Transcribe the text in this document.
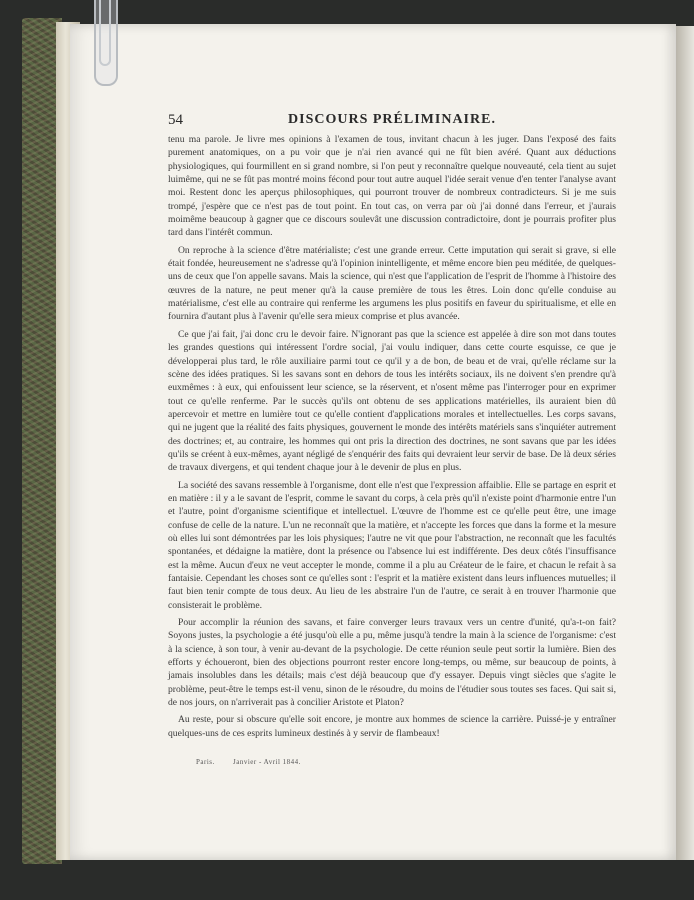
54	DISCOURS PRÉLIMINAIRE.

tenu ma parole. Je livre mes opinions à l'examen de tous, invitant chacun à les juger. Dans l'exposé des faits purement anatomiques, on a pu voir que je n'ai rien avancé qui ne fût bien avéré. Quant aux déductions physiologiques, qui fourmillent en si grand nombre, si l'on peut y reconnaître quelque nouveauté, cela tient au sujet luimême, qui ne se fût pas montré moins fécond pour tout autre auquel l'idée serait venue d'en tenter l'analyse avant moi. Restent donc les aperçus philosophiques, qui pourront trouver de nombreux contradicteurs. Si je me suis trompé, j'espère que ce n'est pas de tout point. En tout cas, on verra par où j'ai donné dans l'erreur, et j'aurais moimême beaucoup à gagner que ce discours soulevât une discussion contradictoire, dont je pourrais profiter plus tard dans l'intérêt commun.

On reproche à la science d'être matérialiste; c'est une grande erreur. Cette imputation qui serait si grave, si elle était fondée, heureusement ne s'adresse qu'à l'opinion inintelligente, et même encore bien peu méditée, de quelques-uns de ceux que l'on appelle savans. Mais la science, qui n'est que l'application de l'esprit de l'homme à l'histoire des œuvres de la nature, ne peut mener qu'à la cause première de tous les êtres. Loin donc qu'elle conduise au matérialisme, c'est elle au contraire qui renferme les argumens les plus positifs en faveur du spiritualisme, et elle en fournira d'autant plus à l'avenir qu'elle sera mieux comprise et plus avancée.

Ce que j'ai fait, j'ai donc cru le devoir faire. N'ignorant pas que la science est appelée à dire son mot dans toutes les grandes questions qui intéressent l'ordre social, j'ai voulu indiquer, dans cette courte esquisse, ce que je développerai plus tard, le rôle auxiliaire parmi tout ce qu'il y a de bon, de beau et de vrai, qu'elle réclame sur la scène des idées pratiques. Si les savans sont en dehors de tous les intérêts sociaux, ils ne doivent s'en prendre qu'à euxmêmes : à eux, qui enfouissent leur science, se la réservent, et n'osent même pas l'interroger pour en exprimer tout ce qu'elle renferme. Par le succès qu'ils ont obtenu de ses applications matérielles, ils auraient bien dû apercevoir et mettre en lumière tout ce qu'elle contient d'applications morales et intellectuelles. Les corps savans, qui ne jugent que la réalité des faits physiques, gouvernent le monde des intérêts matériels sans s'inquiéter autrement des doctrines; et, au contraire, les hommes qui ont pris la direction des doctrines, ne sont savans que par les idées qu'ils se créent à eux-mêmes, ayant négligé de s'enquérir des faits qui devraient leur servir de base. De là deux séries de travaux divergens, et qui tendent chaque jour à le devenir de plus en plus.

La société des savans ressemble à l'organisme, dont elle n'est que l'expression affaiblie. Elle se partage en esprit et en matière : il y a le savant de l'esprit, comme le savant du corps, à cela près qu'il n'existe point d'harmonie entre l'un et l'autre, point d'organisme scientifique et intellectuel. L'œuvre de l'homme est ce qu'elle peut être, une image confuse de celle de la nature. L'un ne reconnaît que la matière, et n'accepte les forces que dans la forme et la mesure où elles lui sont démontrées par les lois physiques; l'autre ne vit que pour l'abstraction, ne reconnaît que les facultés spontanées, et dédaigne la matière, dont la présence ou l'absence lui est indifférente. Des deux côtés l'insuffisance est la même. Aucun d'eux ne veut accepter le monde, comme il a plu au Créateur de le faire, et chacun le refait à sa fantaisie. Cependant les choses sont ce qu'elles sont : l'esprit et la matière existent dans leurs influences mutuelles; il faut bien tenir compte de tous deux. Au lieu de les abstraire l'un de l'autre, ce serait à en trouver l'harmonie que consisterait le problème.

Pour accomplir la réunion des savans, et faire converger leurs travaux vers un centre d'unité, qu'a-t-on fait? Soyons justes, la psychologie a été jusqu'où elle a pu, même jusqu'à tendre la main à la science de l'organisme: c'est à la science, à son tour, à venir au-devant de la psychologie. De cette réunion seule peut sortir la lumière. Bien des efforts y échoueront, bien des objections pourront rester encore long-temps, ou même, sur beaucoup de points, à jamais insolubles dans les détails; mais c'est déjà beaucoup que d'y essayer. Depuis vingt siècles que s'agite le problème, peut-être le temps est-il venu, sinon de le résoudre, du moins de l'étudier sous toutes ses faces. Qui sait si, de nos jours, on n'arriverait pas à concilier Aristote et Platon?

Au reste, pour si obscure qu'elle soit encore, je montre aux hommes de science la carrière. Puissé-je y entraîner quelques-uns de ces esprits lumineux destinés à y servir de flambeaux!

Paris.	Janvier - Avril 1844.
